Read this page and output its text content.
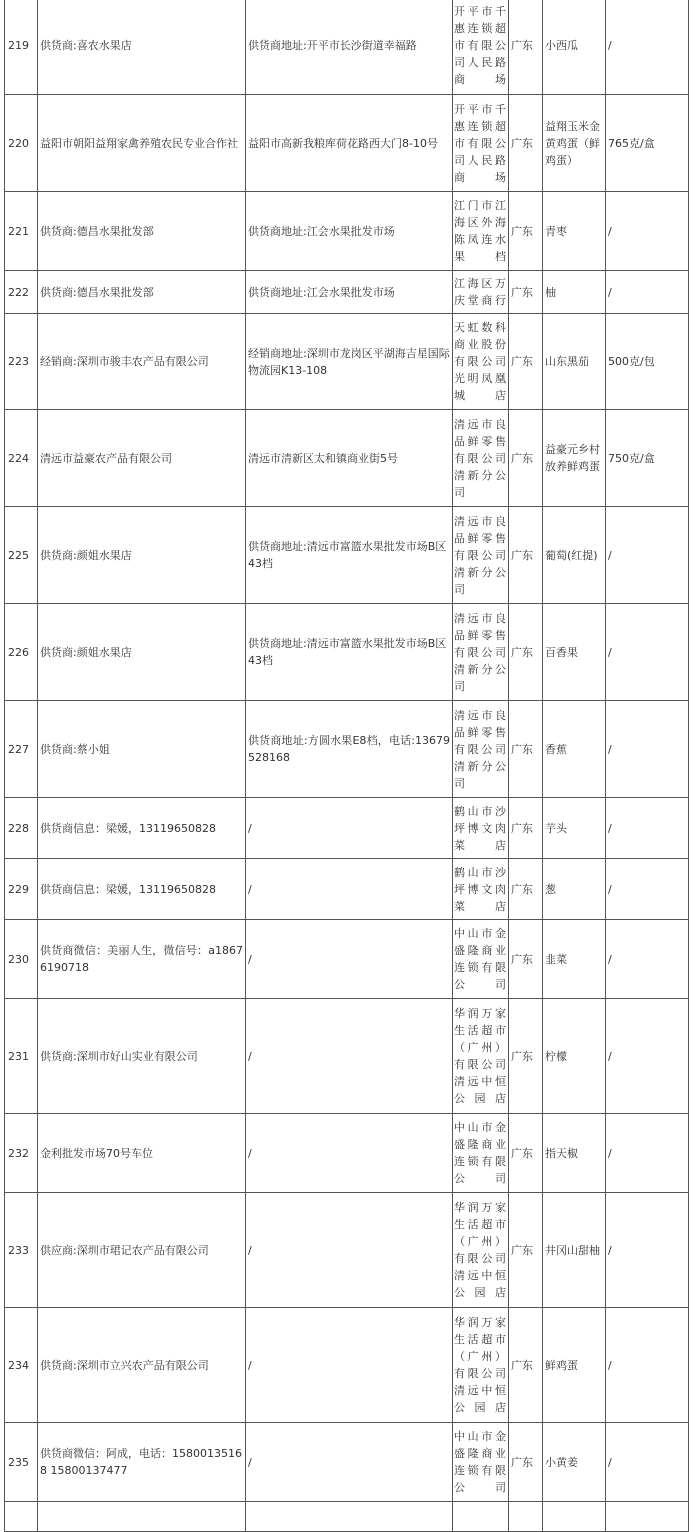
219	供货商:喜农水果店	供货商地址:开平市长沙街道幸福路	开平市千惠连锁超市有限公司人民路商场	广东	小西瓜	/
220	益阳市朝阳益翔家禽养殖农民专业合作社	益阳市高新我粮库荷花路西大门8-10号	开平市千惠连锁超市有限公司人民路商场	广东	益翔玉米金黄鸡蛋（鲜鸡蛋）	765克/盒
221	供货商:德昌水果批发部	供货商地址:江会水果批发市场	江门市江海区外海陈凤连水果档	广东	青枣	/
222	供货商:德昌水果批发部	供货商地址:江会水果批发市场	江海区万庆堂商行	广东	柚	/
223	经销商:深圳市骏丰农产品有限公司	经销商地址:深圳市龙岗区平湖海吉星国际物流园K13-108	天虹数科商业股份有限公司光明凤凰城店	广东	山东黑茄	500克/包
224	清远市益豪农产品有限公司	清远市清新区太和镇商业街5号	清远市良品鲜零售有限公司清新分公司	广东	益豪元乡村放养鲜鸡蛋	750克/盒
225	供货商:颜姐水果店	供货商地址:清远市富篮水果批发市场B区43档	清远市良品鲜零售有限公司清新分公司	广东	葡萄(红提)	/
226	供货商:颜姐水果店	供货商地址:清远市富篮水果批发市场B区43档	清远市良品鲜零售有限公司清新分公司	广东	百香果	/
227	供货商:蔡小姐	供货商地址:方圆水果E8档，电话:13679528168	清远市良品鲜零售有限公司清新分公司	广东	香蕉	/
228	供货商信息：梁媛，13119650828	/	鹤山市沙坪博文肉菜店	广东	芋头	/
229	供货商信息：梁媛，13119650828	/	鹤山市沙坪博文肉菜店	广东	葱	/
230	供货商微信：美丽人生，微信号：a18676190718	/	中山市金盛隆商业连锁有限公司	广东	韭菜	/
231	供货商:深圳市好山实业有限公司	/	华润万家生活超市（广州）有限公司清远中恒公园店	广东	柠檬	/
232	金利批发市场70号车位	/	中山市金盛隆商业连锁有限公司	广东	指天椒	/
233	供应商:深圳市珺记农产品有限公司	/	华润万家生活超市（广州）有限公司清远中恒公园店	广东	井冈山甜柚	/
234	供货商:深圳市立兴农产品有限公司	/	华润万家生活超市（广州）有限公司清远中恒公园店	广东	鲜鸡蛋	/
235	供货商微信：阿成，电话：15800135168 15800137477	/	中山市金盛隆商业连锁有限公司	广东	小黄姜	/
